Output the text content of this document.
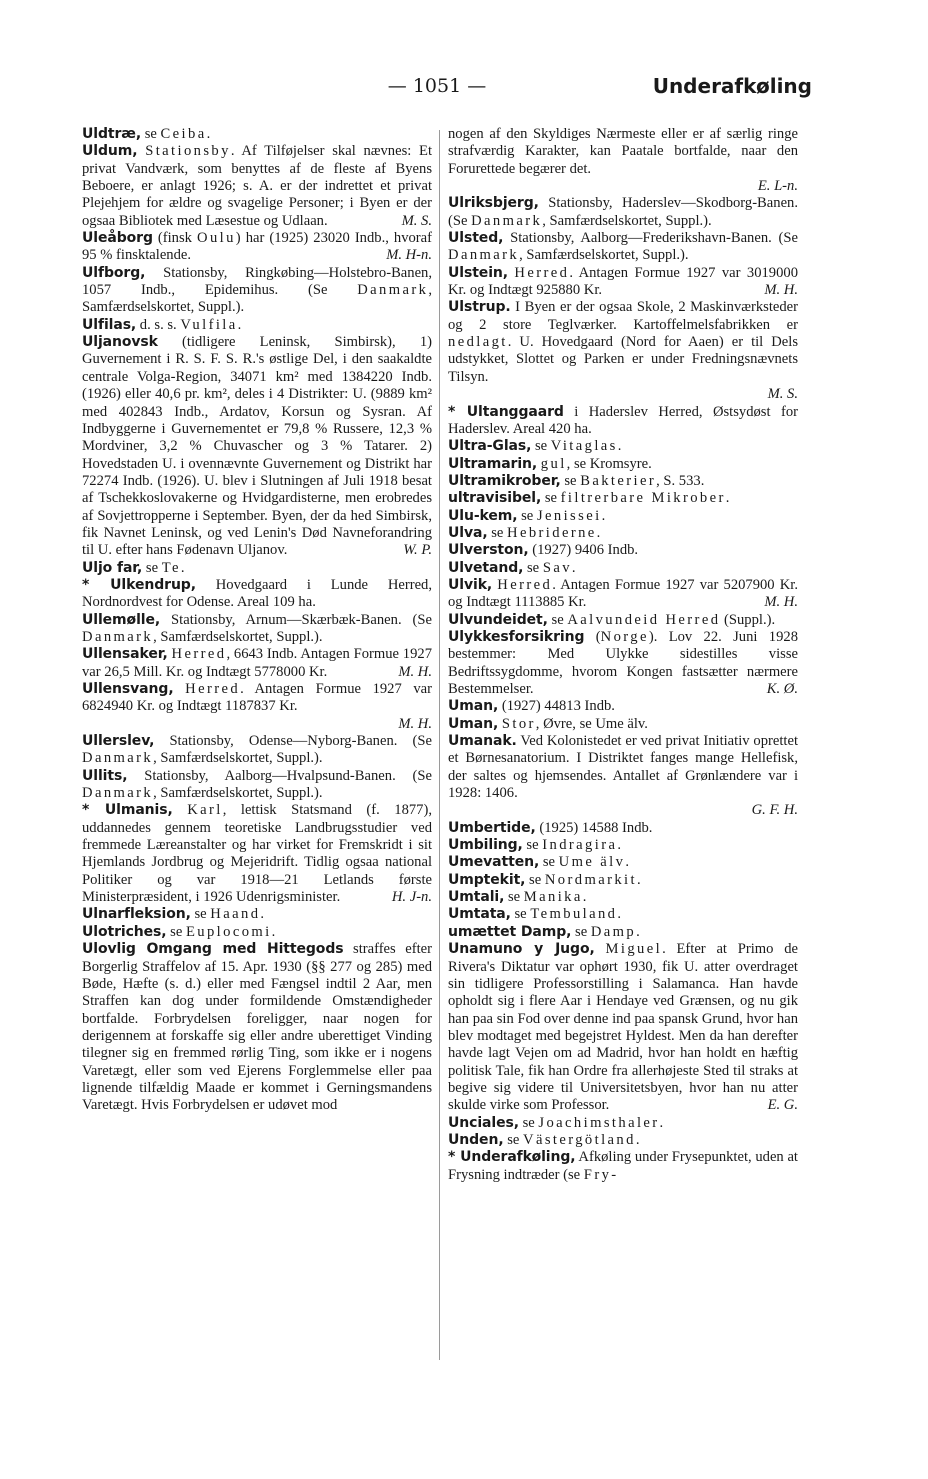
— 1051 —	Underafkøling

Uldtræ, se Ceiba.

Uldum, Stationsby. Af Tilføjelser skal nævnes: Et privat Vandværk, som benyttes af de fleste af Byens Beboere, er anlagt 1926; s. A. er der indrettet et privat Plejehjem for ældre og svagelige Personer; i Byen er der ogsaa Bibliotek med Læsestue og Udlaan.	M. S.

Uleåborg (finsk Oulu) har (1925) 23020 Indb., hvoraf 95 % finsktalende.	M. H-n.

Ulfborg, Stationsby, Ringkøbing—Holstebro-Banen, 1057 Indb., Epidemihus. (Se Danmark, Samfærdselskortet, Suppl.).

Ulfilas, d. s. s. Vulfila.

Uljanovsk (tidligere Leninsk, Simbirsk), 1) Guvernement i R. S. F. S. R.'s østlige Del, i den saakaldte centrale Volga-Region, 34071 km² med 1384220 Indb. (1926) eller 40,6 pr. km², deles i 4 Distrikter: U. (9889 km² med 402843 Indb., Ardatov, Korsun og Sysran. Af Indbyggerne i Guvernementet er 79,8 % Russere, 12,3 % Mordviner, 3,2 % Chuvascher og 3 % Tatarer. 2) Hovedstaden U. i ovennævnte Guvernement og Distrikt har 72274 Indb. (1926). U. blev i Slutningen af Juli 1918 besat af Tschekkoslovakerne og Hvidgardisterne, men erobredes af Sovjettropperne i September. Byen, der da hed Simbirsk, fik Navnet Leninsk, og ved Lenin's Død Navneforandring til U. efter hans Fødenavn Uljanov.	W. P.

Uljo far, se Te.

* Ulkendrup, Hovedgaard i Lunde Herred, Nordnordvest for Odense. Areal 109 ha.

Ullemølle, Stationsby, Arnum—Skærbæk-Banen. (Se Danmark, Samfærdselskortet, Suppl.).

Ullensaker, Herred, 6643 Indb. Antagen Formue 1927 var 26,5 Mill. Kr. og Indtægt 5778000 Kr.	M. H.

Ullensvang, Herred. Antagen Formue 1927 var 6824940 Kr. og Indtægt 1187837 Kr.

M. H.

Ullerslev, Stationsby, Odense—Nyborg-Banen. (Se Danmark, Samfærdselskortet, Suppl.).

Ullits, Stationsby, Aalborg—Hvalpsund-Banen. (Se Danmark, Samfærdselskortet, Suppl.).

* Ulmanis, Karl, lettisk Statsmand (f. 1877), uddannedes gennem teoretiske Landbrugsstudier ved fremmede Læreanstalter og har virket for Fremskridt i sit Hjemlands Jordbrug og Mejeridrift. Tidlig ogsaa national Politiker og var 1918—21 Letlands første Ministerpræsident, i 1926 Udenrigsminister.	H. J-n.

Ulnarfleksion, se Haand.

Ulotriches, se Euplocomi.

Ulovlig Omgang med Hittegods straffes efter Borgerlig Straffelov af 15. Apr. 1930 (§§ 277 og 285) med Bøde, Hæfte (s. d.) eller med Fængsel indtil 2 Aar, men Straffen kan dog under formildende Omstændigheder bortfalde. Forbrydelsen foreligger, naar nogen for derigennem at forskaffe sig eller andre uberettiget Vinding tilegner sig en fremmed rørlig Ting, som ikke er i nogens Varetægt, eller som ved Ejerens Forglemmelse eller paa lignende tilfældig Maade er kommet i Gerningsmandens Varetægt. Hvis Forbrydelsen er udøvet mod

nogen af den Skyldiges Nærmeste eller er af særlig ringe strafværdig Karakter, kan Paatale bortfalde, naar den Forurettede begærer det.

E. L-n.

Ulriksbjerg, Stationsby, Haderslev—Skodborg-Banen. (Se Danmark, Samfærdselskortet, Suppl.).

Ulsted, Stationsby, Aalborg—Frederikshavn-Banen. (Se Danmark, Samfærdselskortet, Suppl.).

Ulstein, Herred. Antagen Formue 1927 var 3019000 Kr. og Indtægt 925880 Kr.	M. H.

Ulstrup. I Byen er der ogsaa Skole, 2 Maskinværksteder og 2 store Teglværker. Kartoffelmelsfabrikken er nedlagt. U. Hovedgaard (Nord for Aaen) er til Dels udstykket, Slottet og Parken er under Fredningsnævnets Tilsyn.

M. S.

* Ultanggaard i Haderslev Herred, Østsydøst for Haderslev. Areal 420 ha.

Ultra-Glas, se Vitaglas.

Ultramarin, gul, se Kromsyre.

Ultramikrober, se Bakterier, S. 533.

ultravisibel, se filtrerbare Mikrober.

Ulu-kem, se Jenissei.

Ulva, se Hebriderne.

Ulverston, (1927) 9406 Indb.

Ulvetand, se Sav.

Ulvik, Herred. Antagen Formue 1927 var 5207900 Kr. og Indtægt 1113885 Kr.	M. H.

Ulvundeidet, se Aalvundeid Herred (Suppl.).

Ulykkesforsikring (Norge). Lov 22. Juni 1928 bestemmer: Med Ulykke sidestilles visse Bedriftssygdomme, hvorom Kongen fastsætter nærmere Bestemmelser.	K. Ø.

Uman, (1927) 44813 Indb.

Uman, Stor, Øvre, se Ume älv.

Umanak. Ved Kolonistedet er ved privat Initiativ oprettet et Børnesanatorium. I Distriktet fanges mange Hellefisk, der saltes og hjemsendes. Antallet af Grønlændere var i 1928: 1406.

G. F. H.

Umbertide, (1925) 14588 Indb.

Umbiling, se Indragira.

Umevatten, se Ume älv.

Umptekit, se Nordmarkit.

Umtali, se Manika.

Umtata, se Tembuland.

umættet Damp, se Damp.

Unamuno y Jugo, Miguel. Efter at Primo de Rivera's Diktatur var ophørt 1930, fik U. atter overdraget sin tidligere Professorstilling i Salamanca. Han havde opholdt sig i flere Aar i Hendaye ved Grænsen, og nu gik han paa sin Fod over denne ind paa spansk Grund, hvor han blev modtaget med begejstret Hyldest. Men da han derefter havde lagt Vejen om ad Madrid, hvor han holdt en hæftig politisk Tale, fik han Ordre fra allerhøjeste Sted til straks at begive sig videre til Universitetsbyen, hvor han nu atter skulde virke som Professor.	E. G.

Unciales, se Joachimsthaler.

Unden, se Västergötland.

* Underafkøling, Afkøling under Frysepunktet, uden at Frysning indtræder (se Fry-
